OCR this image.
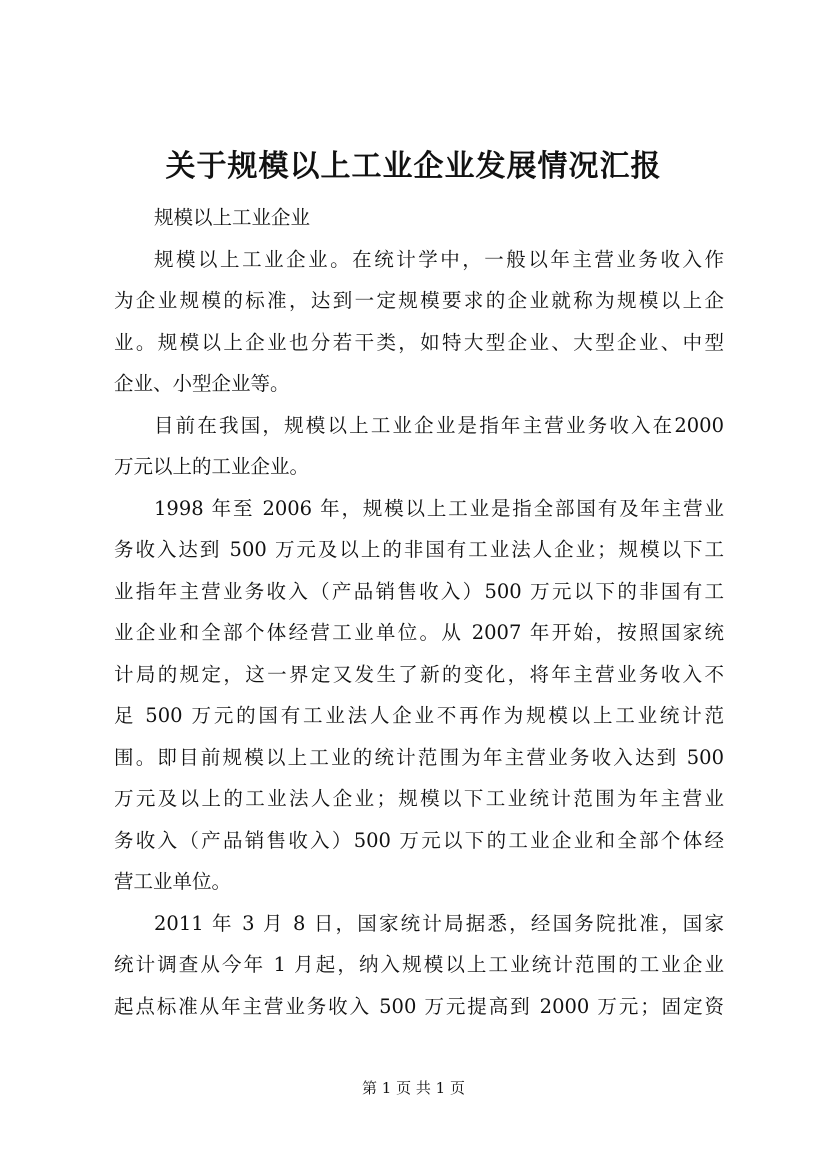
关于规模以上工业企业发展情况汇报
规模以上工业企业
规模以上工业企业。在统计学中，一般以年主营业务收入作
为企业规模的标准，达到一定规模要求的企业就称为规模以上企
业。规模以上企业也分若干类，如特大型企业、大型企业、中型
企业、小型企业等。
目前在我国，规模以上工业企业是指年主营业务收入在2000
万元以上的工业企业。
1998 年至 2006 年，规模以上工业是指全部国有及年主营业
务收入达到 500 万元及以上的非国有工业法人企业；规模以下工
业指年主营业务收入（产品销售收入）500 万元以下的非国有工
业企业和全部个体经营工业单位。从 2007 年开始，按照国家统
计局的规定，这一界定又发生了新的变化，将年主营业务收入不
足 500 万元的国有工业法人企业不再作为规模以上工业统计范
围。即目前规模以上工业的统计范围为年主营业务收入达到 500
万元及以上的工业法人企业；规模以下工业统计范围为年主营业
务收入（产品销售收入）500 万元以下的工业企业和全部个体经
营工业单位。
2011 年 3 月 8 日，国家统计局据悉，经国务院批准，国家
统计调查从今年 1 月起，纳入规模以上工业统计范围的工业企业
起点标准从年主营业务收入 500 万元提高到 2000 万元；固定资
第 1 页 共 1 页
